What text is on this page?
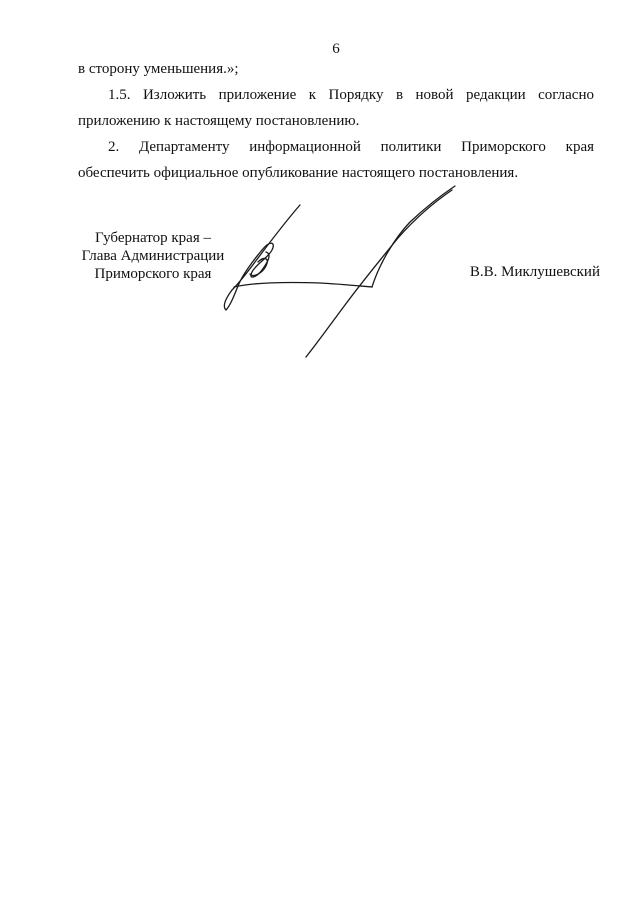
6
в сторону уменьшения.»;
1.5. Изложить приложение к Порядку в новой редакции согласно
приложению к настоящему постановлению.
2. Департаменту информационной политики Приморского края
обеспечить официальное опубликование настоящего постановления.
Губернатор края –
Глава Администрации
Приморского края	В.В. Миклушевский
